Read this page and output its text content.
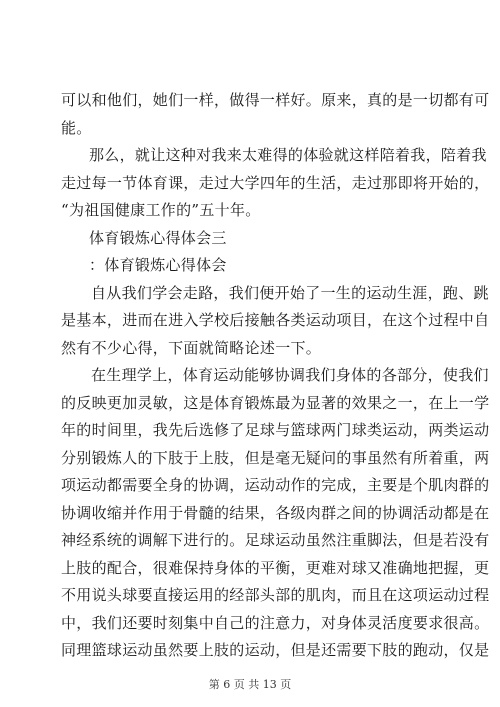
可以和他们，她们一样，做得一样好。原来，真的是一切都有可
能。
那么，就让这种对我来太难得的体验就这样陪着我，陪着我
走过每一节体育课，走过大学四年的生活，走过那即将开始的，
“为祖国健康工作的”五十年。
体育锻炼心得体会三
：体育锻炼心得体会
自从我们学会走路，我们便开始了一生的运动生涯，跑、跳
是基本，进而在进入学校后接触各类运动项目，在这个过程中自
然有不少心得，下面就简略论述一下。
在生理学上，体育运动能够协调我们身体的各部分，使我们
的反映更加灵敏，这是体育锻炼最为显著的效果之一，在上一学
年的时间里，我先后选修了足球与篮球两门球类运动，两类运动
分别锻炼人的下肢于上肢，但是毫无疑问的事虽然有所着重，两
项运动都需要全身的协调，运动动作的完成，主要是个肌肉群的
协调收缩并作用于骨髓的结果，各级肉群之间的协调活动都是在
神经系统的调解下进行的。足球运动虽然注重脚法，但是若没有
上肢的配合，很难保持身体的平衡，更难对球又准确地把握，更
不用说头球要直接运用的经部头部的肌肉，而且在这项运动过程
中，我们还要时刻集中自己的注意力，对身体灵活度要求很高。
同理篮球运动虽然要上肢的运动，但是还需要下肢的跑动，仅是
第 6 页 共 13 页
